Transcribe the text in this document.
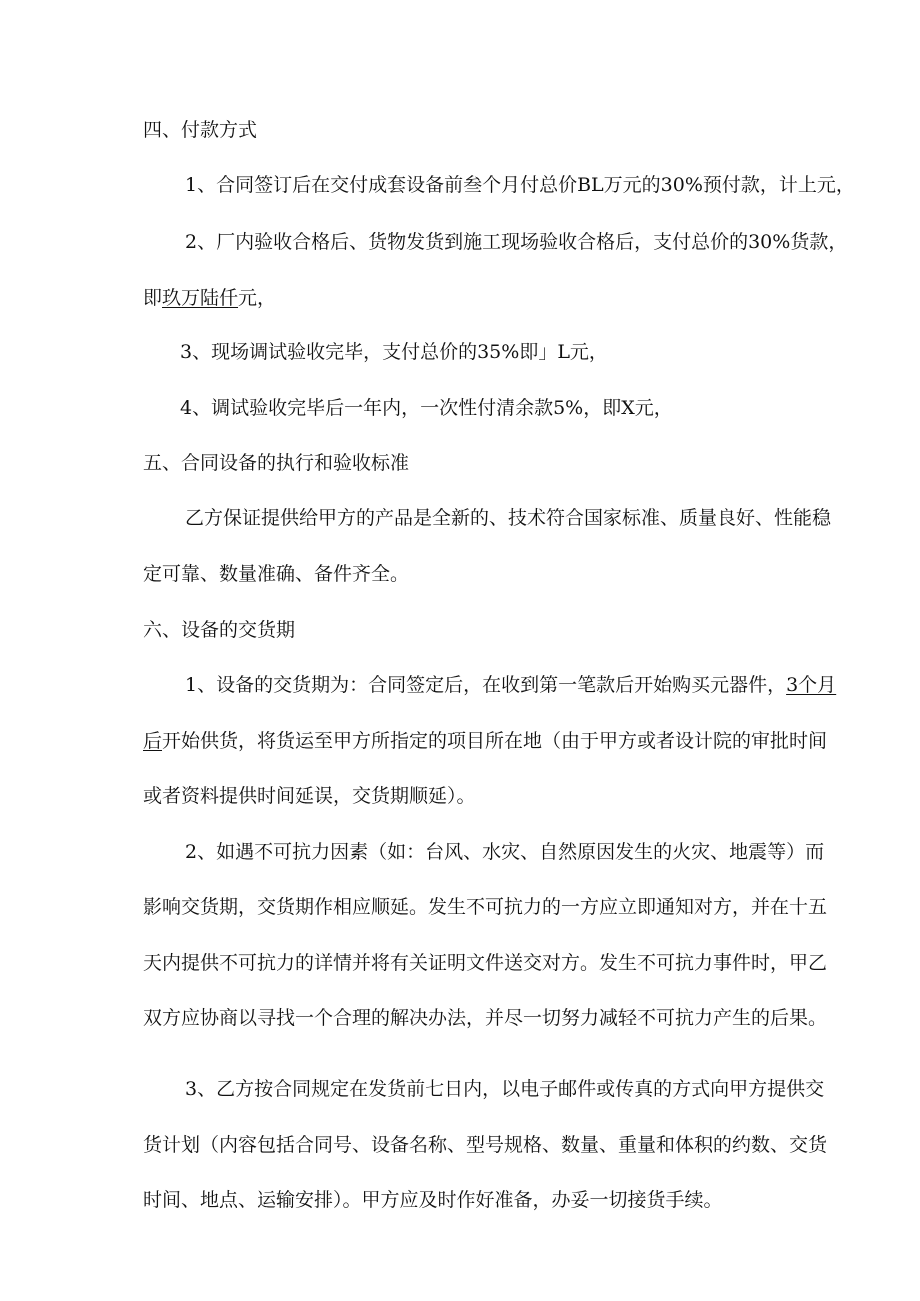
四、付款方式
1、合同签订后在交付成套设备前叁个月付总价BL万元的30%预付款，计上元，
2、厂内验收合格后、货物发货到施工现场验收合格后，支付总价的30%货款，
即玖万陆仟元，
3、现场调试验收完毕，支付总价的35%即」L元，
4、调试验收完毕后一年内，一次性付清余款5%，即X元，
五、合同设备的执行和验收标准
乙方保证提供给甲方的产品是全新的、技术符合国家标准、质量良好、性能稳
定可靠、数量准确、备件齐全。
六、设备的交货期
1、设备的交货期为：合同签定后，在收到第一笔款后开始购买元器件，3个月
后开始供货，将货运至甲方所指定的项目所在地（由于甲方或者设计院的审批时间
或者资料提供时间延误，交货期顺延）。
2、如遇不可抗力因素（如：台风、水灾、自然原因发生的火灾、地震等）而
影响交货期，交货期作相应顺延。发生不可抗力的一方应立即通知对方，并在十五
天内提供不可抗力的详情并将有关证明文件送交对方。发生不可抗力事件时，甲乙
双方应协商以寻找一个合理的解决办法，并尽一切努力减轻不可抗力产生的后果。
3、乙方按合同规定在发货前七日内，以电子邮件或传真的方式向甲方提供交
货计划（内容包括合同号、设备名称、型号规格、数量、重量和体积的约数、交货
时间、地点、运输安排）。甲方应及时作好准备，办妥一切接货手续。
